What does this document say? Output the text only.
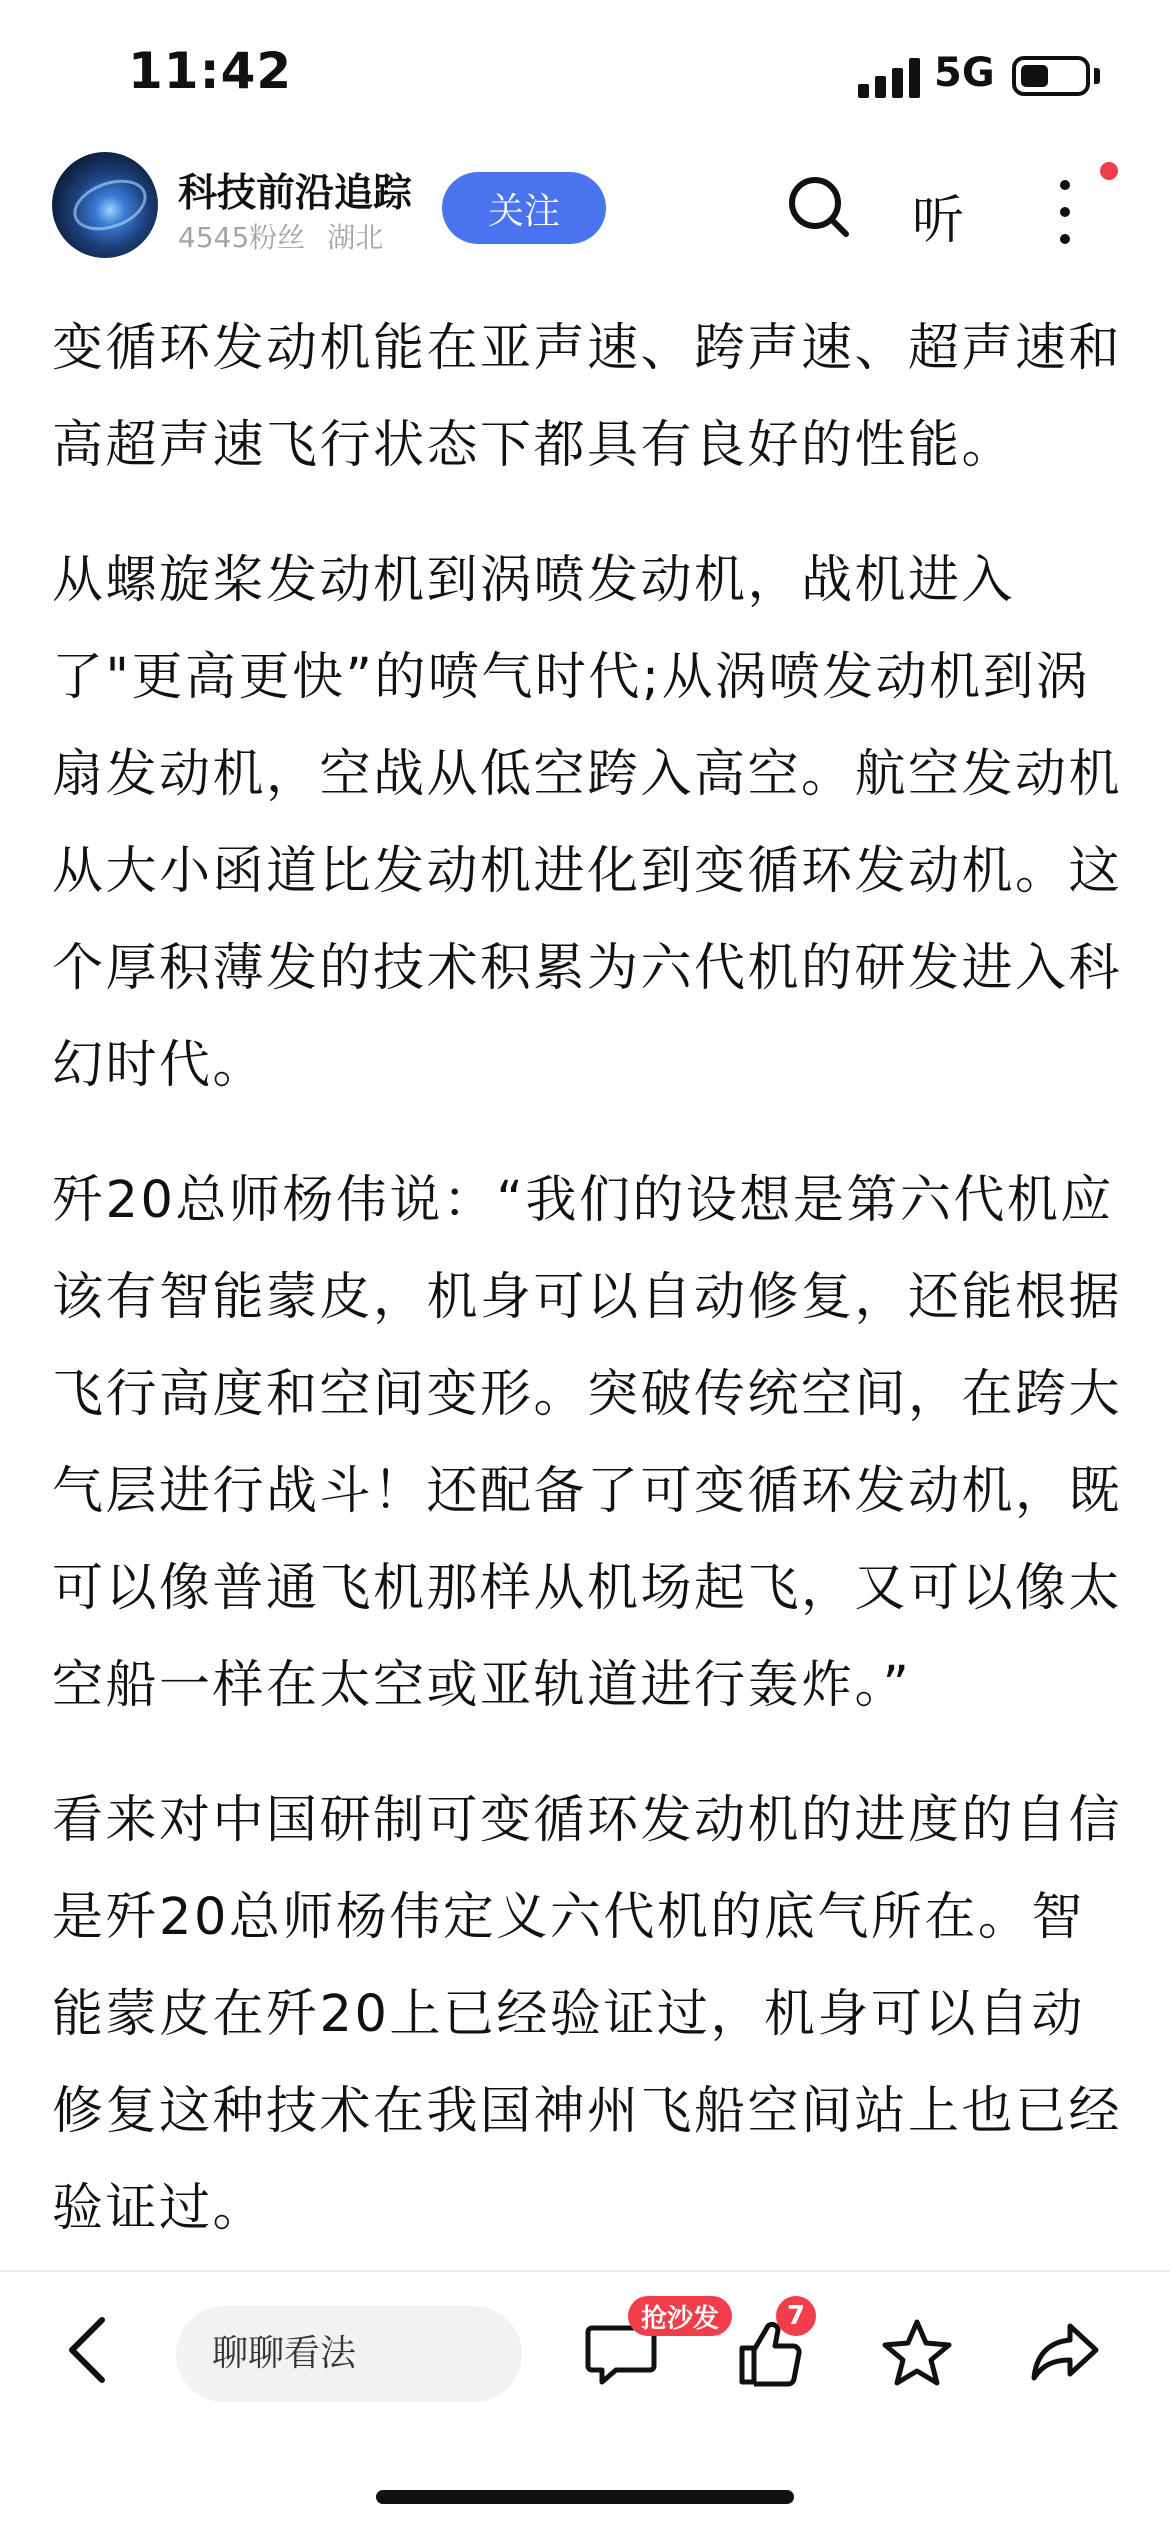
11:42	5G
科技前沿追踪
4545粉丝 湖北
关注	听

变循环发动机能在亚声速、跨声速、超声速和高超声速飞行状态下都具有良好的性能。

从螺旋桨发动机到涡喷发动机，战机进入了"更高更快”的喷气时代;从涡喷发动机到涡扇发动机，空战从低空跨入高空。航空发动机从大小函道比发动机进化到变循环发动机。这个厚积薄发的技术积累为六代机的研发进入科幻时代。

歼20总师杨伟说：“我们的设想是第六代机应该有智能蒙皮，机身可以自动修复，还能根据飞行高度和空间变形。突破传统空间，在跨大气层进行战斗！还配备了可变循环发动机，既可以像普通飞机那样从机场起飞，又可以像太空船一样在太空或亚轨道进行轰炸。”

看来对中国研制可变循环发动机的进度的自信是歼20总师杨伟定义六代机的底气所在。智能蒙皮在歼20上已经验证过，机身可以自动修复这种技术在我国神州飞船空间站上也已经验证过。

聊聊看法
抢沙发	7
